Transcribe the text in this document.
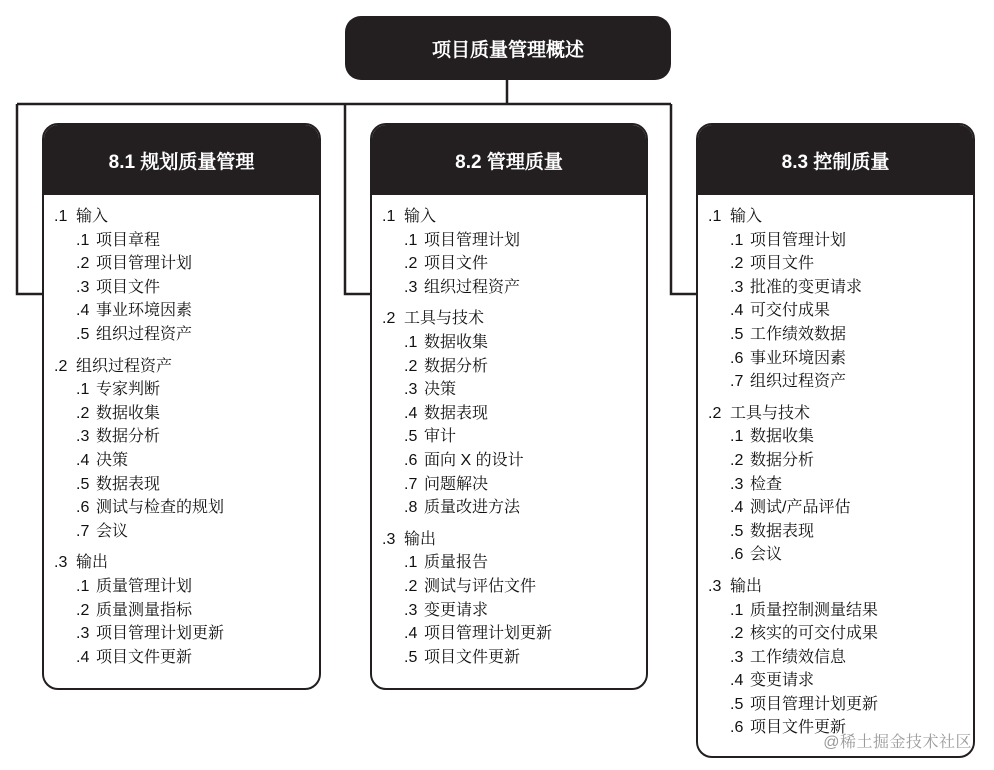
项目质量管理概述
8.1 规划质量管理
.1 输入
.1 项目章程
.2 项目管理计划
.3 项目文件
.4 事业环境因素
.5 组织过程资产
.2 组织过程资产
.1 专家判断
.2 数据收集
.3 数据分析
.4 决策
.5 数据表现
.6 测试与检查的规划
.7 会议
.3 输出
.1 质量管理计划
.2 质量测量指标
.3 项目管理计划更新
.4 项目文件更新
8.2 管理质量
.1 输入
.1 项目管理计划
.2 项目文件
.3 组织过程资产
.2 工具与技术
.1 数据收集
.2 数据分析
.3 决策
.4 数据表现
.5 审计
.6 面向 X 的设计
.7 问题解决
.8 质量改进方法
.3 输出
.1 质量报告
.2 测试与评估文件
.3 变更请求
.4 项目管理计划更新
.5 项目文件更新
8.3 控制质量
.1 输入
.1 项目管理计划
.2 项目文件
.3 批准的变更请求
.4 可交付成果
.5 工作绩效数据
.6 事业环境因素
.7 组织过程资产
.2 工具与技术
.1 数据收集
.2 数据分析
.3 检查
.4 测试/产品评估
.5 数据表现
.6 会议
.3 输出
.1 质量控制测量结果
.2 核实的可交付成果
.3 工作绩效信息
.4 变更请求
.5 项目管理计划更新
.6 项目文件更新
@稀土掘金技术社区
